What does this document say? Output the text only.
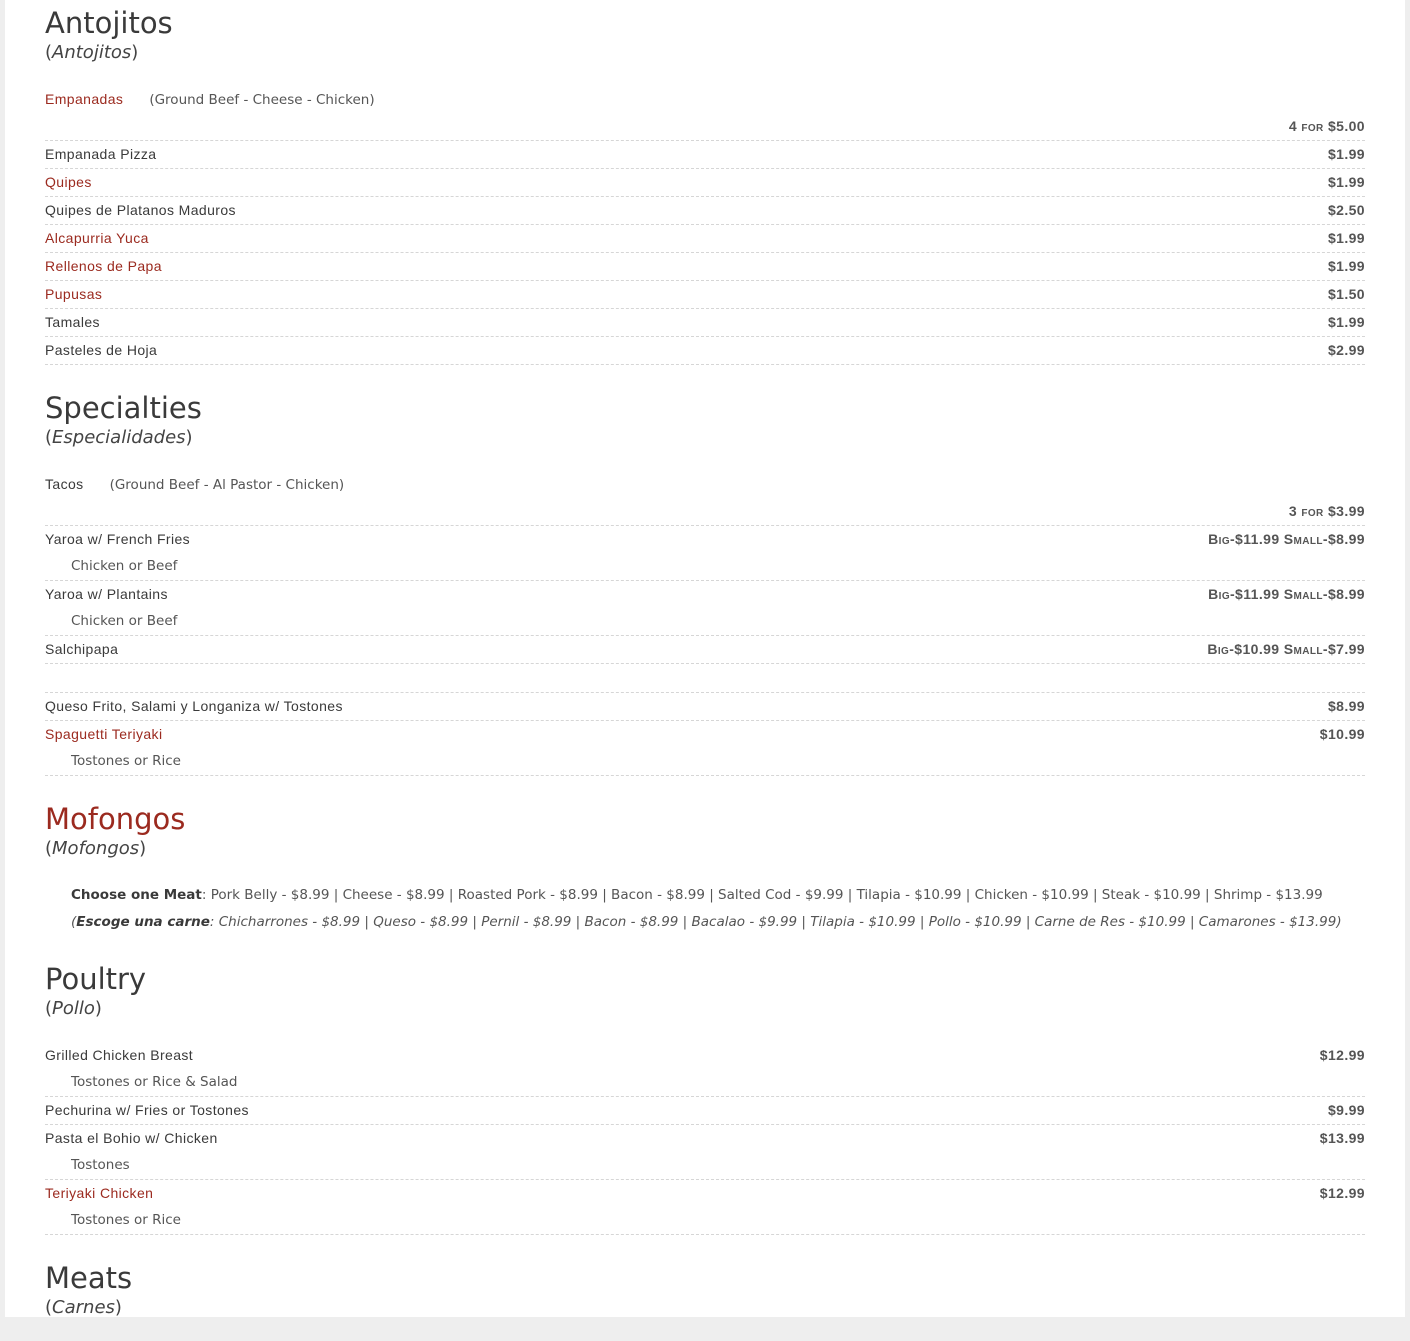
Antojitos

(Antojitos)

Empanadas (Ground Beef - Cheese - Chicken)
4 for $5.00
Empanada Pizza	$1.99
Quipes	$1.99
Quipes de Platanos Maduros	$2.50
Alcapurria Yuca	$1.99
Rellenos de Papa	$1.99
Pupusas	$1.50
Tamales	$1.99
Pasteles de Hoja	$2.99
Specialties

(Especialidades)

Tacos (Ground Beef - Al Pastor - Chicken)
3 for $3.99
Yaroa w/ French Fries	Big-$11.99 Small-$8.99
Chicken or Beef
Yaroa w/ Plantains	Big-$11.99 Small-$8.99
Chicken or Beef
Salchipapa	Big-$10.99 Small-$7.99
Queso Frito, Salami y Longaniza w/ Tostones	$8.99
Spaguetti Teriyaki	$10.99
Tostones or Rice
Mofongos

(Mofongos)

Choose one Meat: Pork Belly - $8.99 | Cheese - $8.99 | Roasted Pork - $8.99 | Bacon - $8.99 | Salted Cod - $9.99 | Tilapia - $10.99 | Chicken - $10.99 | Steak - $10.99 | Shrimp - $13.99
(Escoge una carne: Chicharrones - $8.99 | Queso - $8.99 | Pernil - $8.99 | Bacon - $8.99 | Bacalao - $9.99 | Tilapia - $10.99 | Pollo - $10.99 | Carne de Res - $10.99 | Camarones - $13.99)
Poultry

(Pollo)

Grilled Chicken Breast	$12.99
Tostones or Rice & Salad
Pechurina w/ Fries or Tostones	$9.99
Pasta el Bohio w/ Chicken	$13.99
Tostones
Teriyaki Chicken	$12.99
Tostones or Rice
Meats

(Carnes)
